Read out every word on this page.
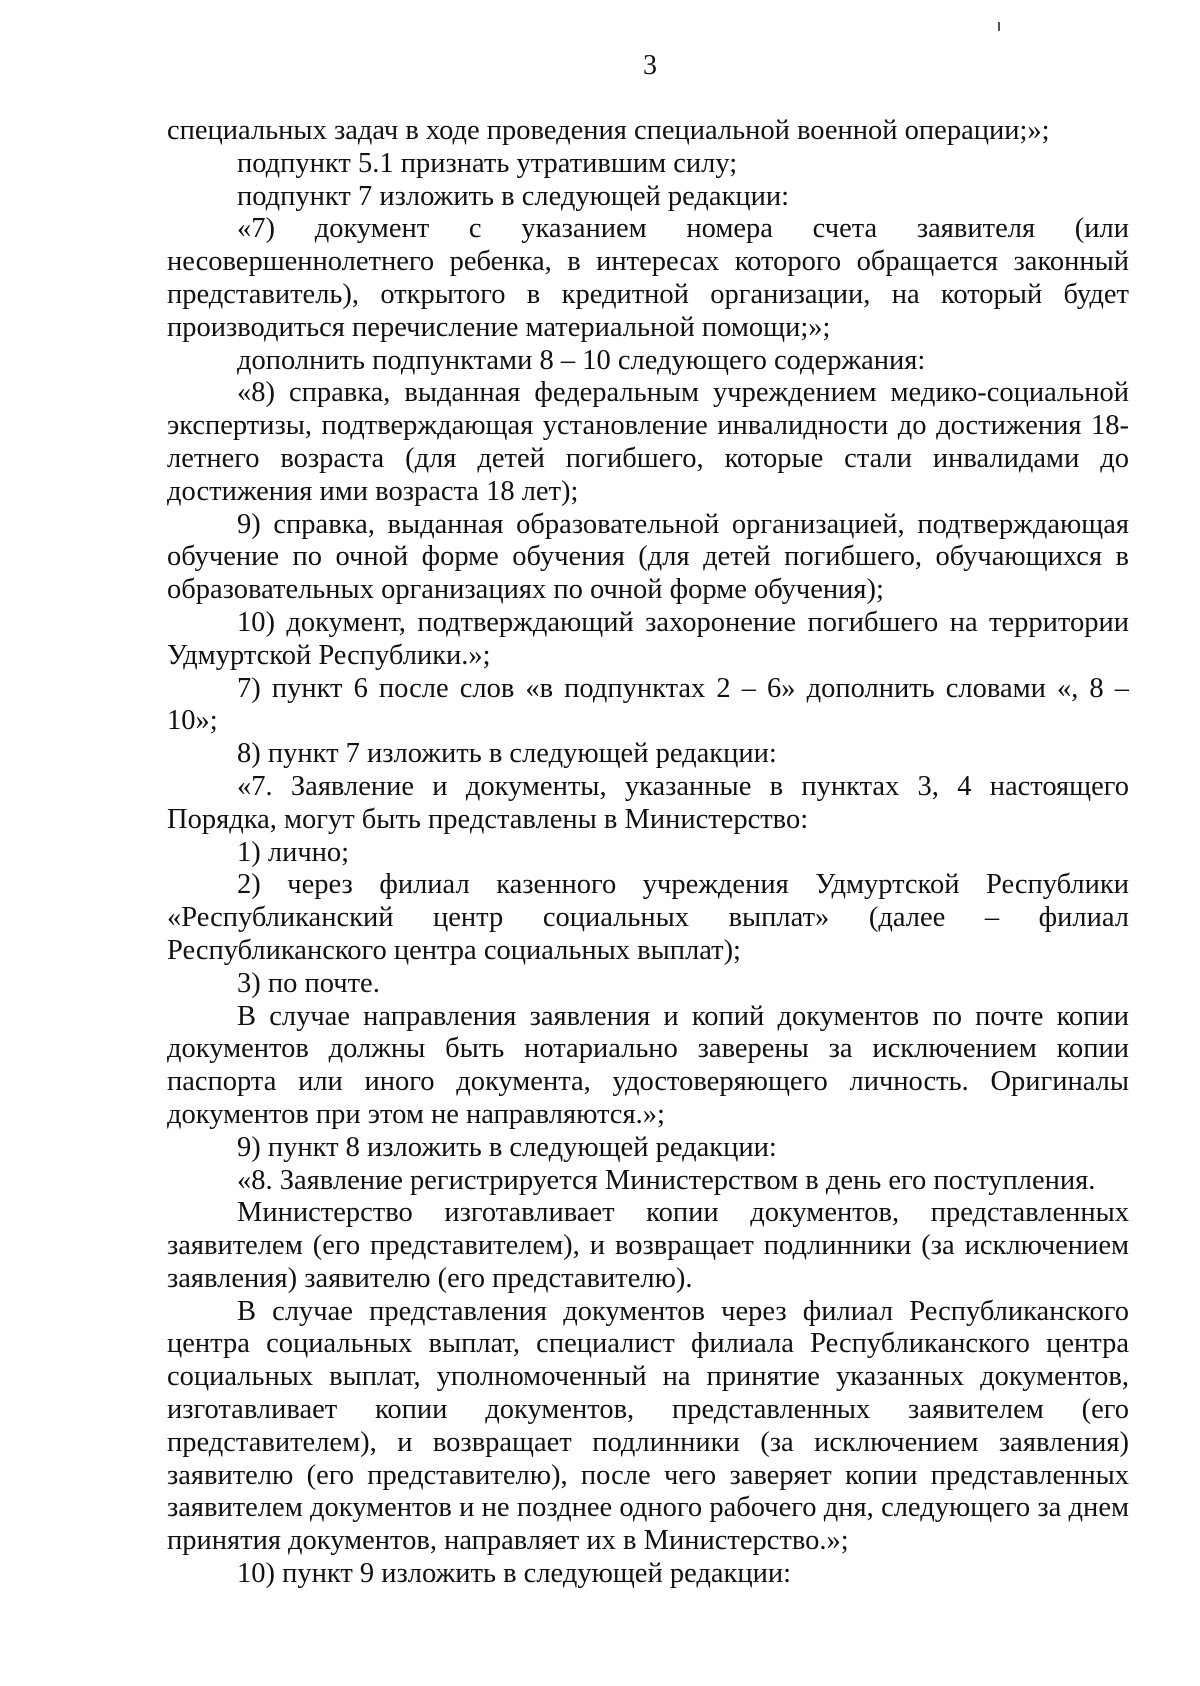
3

специальных задач в ходе проведения специальной военной операции;»;

подпункт 5.1 признать утратившим силу;

подпункт 7 изложить в следующей редакции:

«7) документ с указанием номера счета заявителя (или несовершеннолетнего ребенка, в интересах которого обращается законный представитель), открытого в кредитной организации, на который будет производиться перечисление материальной помощи;»;

дополнить подпунктами 8 – 10 следующего содержания:

«8) справка, выданная федеральным учреждением медико-социальной экспертизы, подтверждающая установление инвалидности до достижения 18-летнего возраста (для детей погибшего, которые стали инвалидами до достижения ими возраста 18 лет);

9) справка, выданная образовательной организацией, подтверждающая обучение по очной форме обучения (для детей погибшего, обучающихся в образовательных организациях по очной форме обучения);

10) документ, подтверждающий захоронение погибшего на территории Удмуртской Республики.»;

7) пункт 6 после слов «в подпунктах 2 – 6» дополнить словами «, 8 – 10»;

8) пункт 7 изложить в следующей редакции:

«7. Заявление и документы, указанные в пунктах 3, 4 настоящего Порядка, могут быть представлены в Министерство:

1) лично;

2) через филиал казенного учреждения Удмуртской Республики «Республиканский центр социальных выплат» (далее – филиал Республиканского центра социальных выплат);

3) по почте.

В случае направления заявления и копий документов по почте копии документов должны быть нотариально заверены за исключением копии паспорта или иного документа, удостоверяющего личность. Оригиналы документов при этом не направляются.»;

9) пункт 8 изложить в следующей редакции:

«8. Заявление регистрируется Министерством в день его поступления.

Министерство изготавливает копии документов, представленных заявителем (его представителем), и возвращает подлинники (за исключением заявления) заявителю (его представителю).

В случае представления документов через филиал Республиканского центра социальных выплат, специалист филиала Республиканского центра социальных выплат, уполномоченный на принятие указанных документов, изготавливает копии документов, представленных заявителем (его представителем), и возвращает подлинники (за исключением заявления) заявителю (его представителю), после чего заверяет копии представленных заявителем документов и не позднее одного рабочего дня, следующего за днем принятия документов, направляет их в Министерство.»;

10) пункт 9 изложить в следующей редакции:
